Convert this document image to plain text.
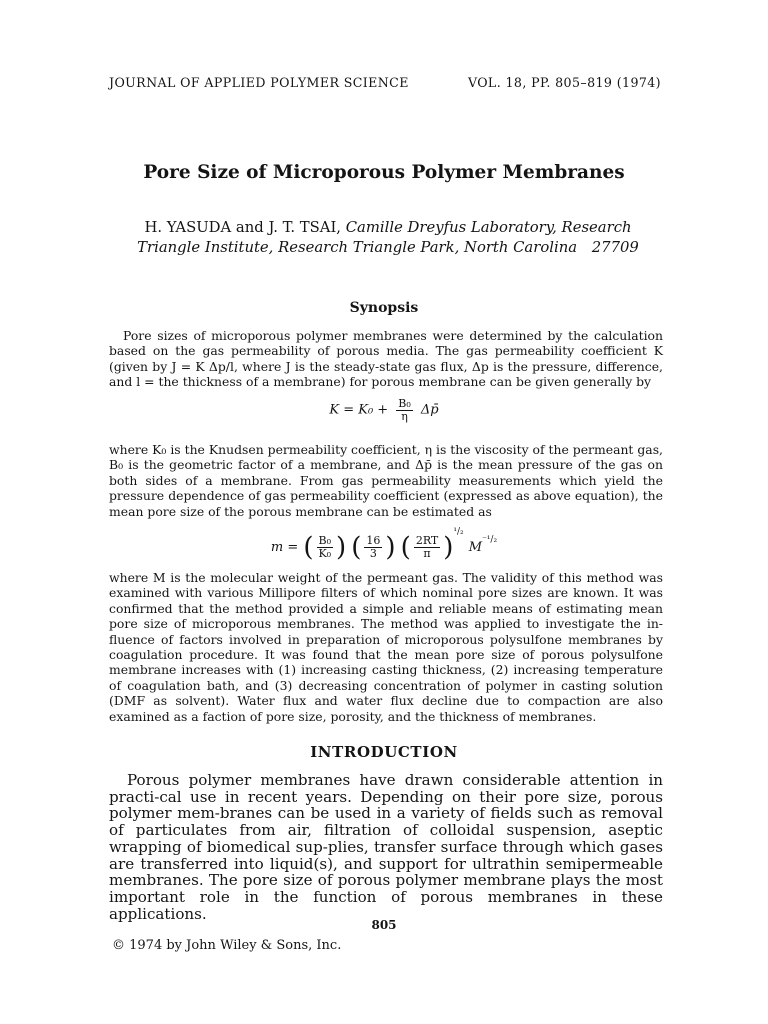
JOURNAL OF APPLIED POLYMER SCIENCE	VOL. 18, PP. 805–819 (1974)
Pore Size of Microporous Polymer Membranes
H. YASUDA and J. T. TSAI, Camille Dreyfus Laboratory, Research
Triangle Institute, Research Triangle Park, North Carolina 27709
Synopsis
Pore sizes of microporous polymer membranes were determined by the calculation based on the gas permeability of porous media. The gas permeability coefficient K (given by J = K Δp/l, where J is the steady-state gas flux, Δp is the pressure, difference, and l = the thickness of a membrane) for porous membrane can be given generally by
$K = K_0 + \frac{\text{B₀}}{\eta}$ Δp̄
where K₀ is the Knudsen permeability coefficient, η is the viscosity of the permeant gas, B₀ is the geometric factor of a membrane, and Δp̄ is the mean pressure of the gas on both sides of a membrane. From gas permeability measurements which yield the pressure dependence of gas permeability coefficient (expressed as above equation), the mean pore size of the porous membrane can be estimated as
m = ( $\frac{\text{B₀}}{\text{K₀}}$ ) ( $\frac{16}{3}$ ) ( $\frac{2RT}{\pi} )^{^1/_2}$ $M^{^{-1}/_2}$
where M is the molecular weight of the permeant gas. The validity of this method was examined with various Millipore filters of which nominal pore sizes are known. It was confirmed that the method provided a simple and reliable means of estimating mean pore size of microporous membranes. The method was applied to investigate the in-fluence of factors involved in preparation of microporous polysulfone membranes by coagulation procedure. It was found that the mean pore size of porous polysulfone membrane increases with (1) increasing casting thickness, (2) increasing temperature of coagulation bath, and (3) decreasing concentration of polymer in casting solution (DMF as solvent). Water flux and water flux decline due to compaction are also examined as a faction of pore size, porosity, and the thickness of membranes.
INTRODUCTION
Porous polymer membranes have drawn considerable attention in practi-cal use in recent years. Depending on their pore size, porous polymer mem-branes can be used in a variety of fields such as removal of particulates from air, filtration of colloidal suspension, aseptic wrapping of biomedical sup-plies, transfer surface through which gases are transferred into liquid(s), and support for ultrathin semipermeable membranes. The pore size of porous polymer membrane plays the most important role in the function of porous membranes in these applications.
805
© 1974 by John Wiley & Sons, Inc.
